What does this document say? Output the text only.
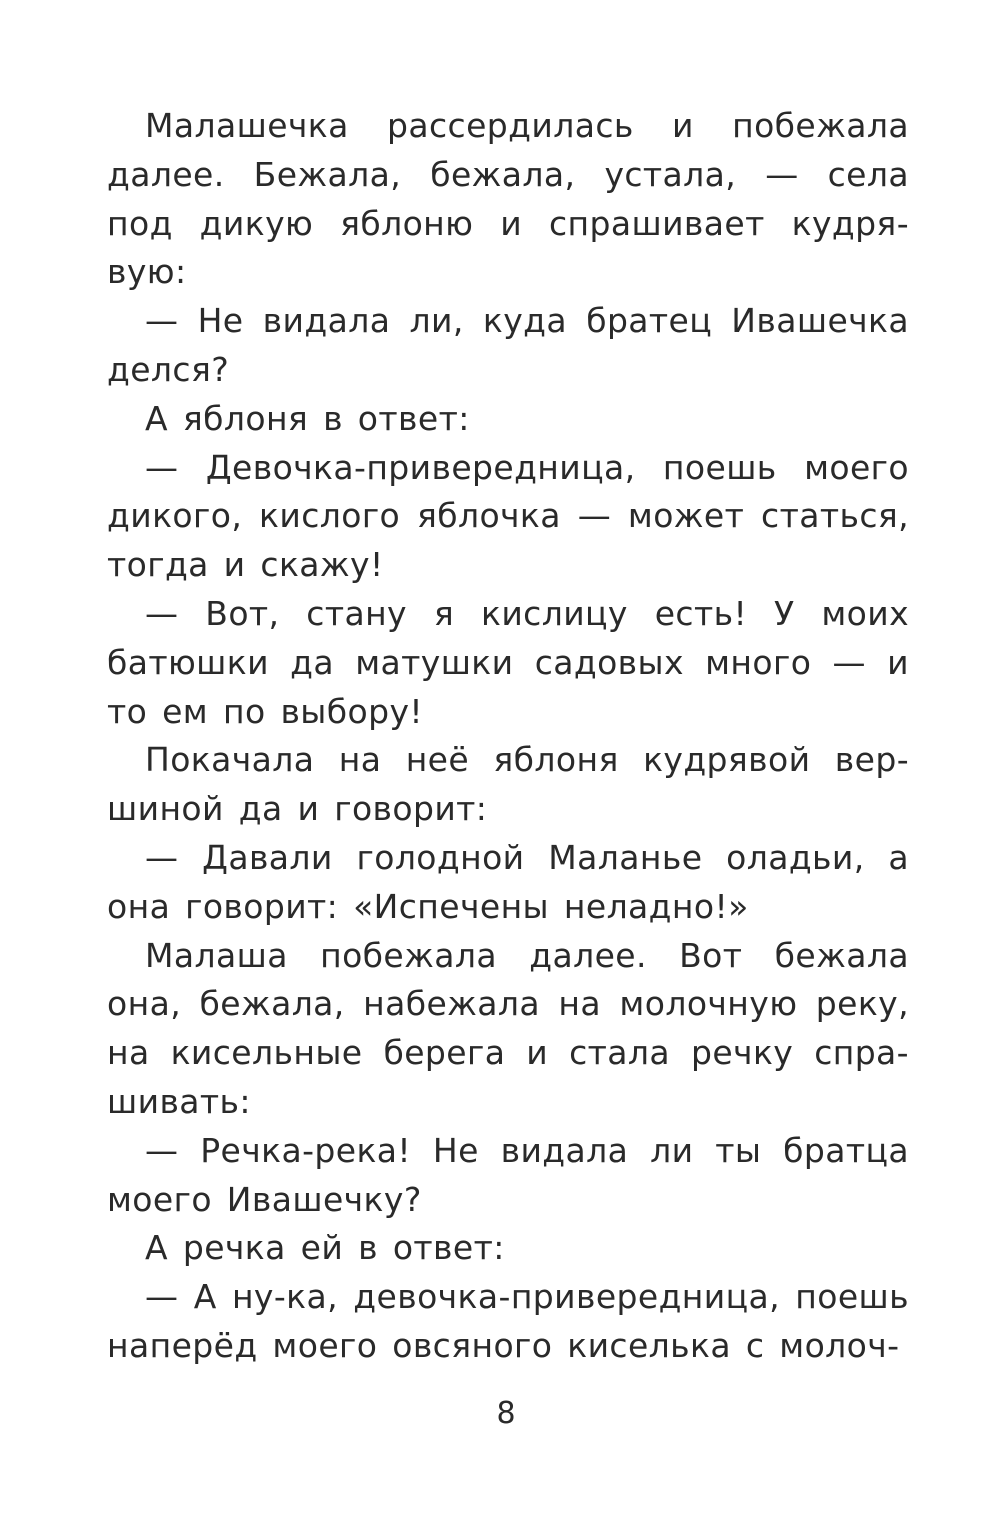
Малашечка рассердилась и побежала далее. Бежала, бежала, устала, — села под дикую яблоню и спрашивает кудря-вую:

— Не видала ли, куда братец Ивашечка делся?

А яблоня в ответ:

— Девочка-привередница, поешь моего дикого, кислого яблочка — может статься, тогда и скажу!

— Вот, стану я кислицу есть! У моих батюшки да матушки садовых много — и то ем по выбору!

Покачала на неё яблоня кудрявой вер-шиной да и говорит:

— Давали голодной Маланье оладьи, а она говорит: «Испечены неладно!»

Малаша побежала далее. Вот бежала она, бежала, набежала на молочную реку, на кисельные берега и стала речку спра-шивать:

— Речка-река! Не видала ли ты братца моего Ивашечку?

А речка ей в ответ:

— А ну-ка, девочка-привередница, поешь наперёд моего овсяного киселька с молоч-

8
